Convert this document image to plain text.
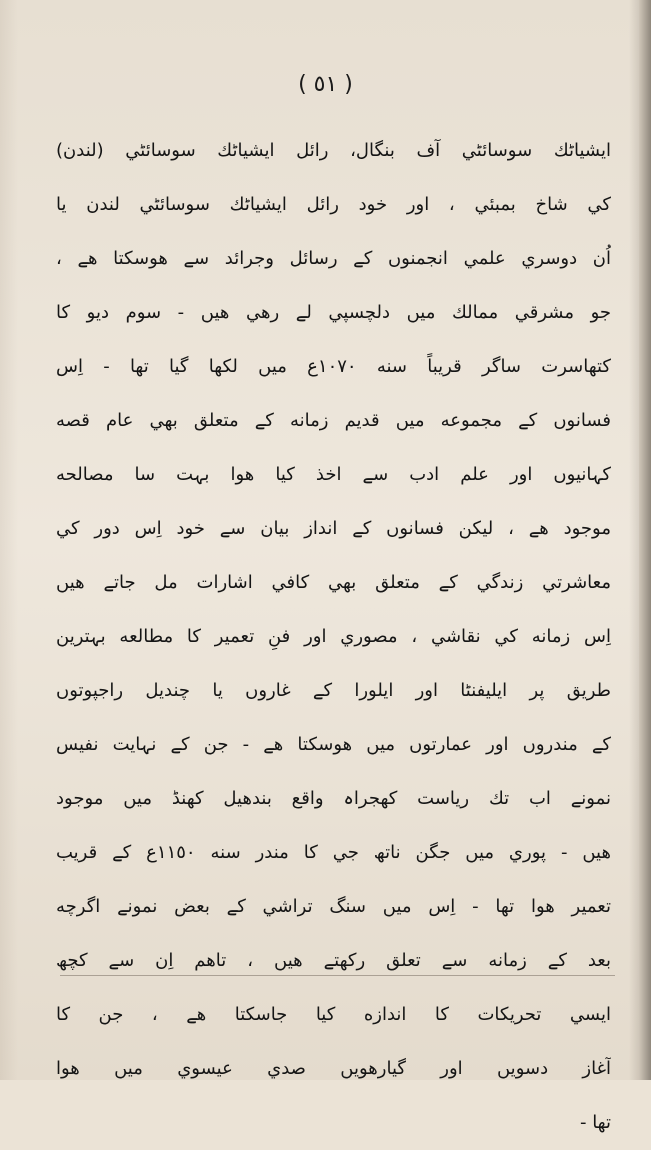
( ٥١ )
ايشياٹك سوسائٹي آف بنگال، رائل ايشياٹك سوسائٹي (لندن)
كي شاخ بمبئي ، اور خود رائل ايشياٹك سوسائٹي لندن يا
اُن دوسري علمي انجمنوں كے رسائل وجرائد سے هوسكتا هے ،
جو مشرقي ممالك ميں دلچسپي لے رهي هيں - سوم ديو كا
كتھاسرت ساگر قريباً سنه ١٠٧٠ع ميں لكھا گيا تھا - اِس
فسانوں كے مجموعه ميں قديم زمانه كے متعلق بھي عام قصه
كہانيوں اور علم ادب سے اخذ كيا هوا بہت سا مصالحه
موجود هے ، ليكن فسانوں كے انداز بيان سے خود اِس دور كي
معاشرتي زندگي كے متعلق بھي كافي اشارات مل جاتے هيں
اِس زمانه كي نقاشي ، مصوري اور فنِ تعمير كا مطالعه بہترين
طريق پر ايليفنٹا اور ايلورا كے غاروں يا چنديل راجپوتوں
كے مندروں اور عمارتوں ميں هوسكتا هے - جن كے نہايت نفيس
نمونے اب تك رياست كھجراہ واقع بندهيل كھنڈ ميں موجود
هيں - پوري ميں جگن ناتھ جي كا مندر سنه ١١٥٠ع كے قريب
تعمير هوا تھا - اِس ميں سنگ تراشي كے بعض نمونے اگرچه
بعد كے زمانه سے تعلق ركھتے هيں ، تاهم اِن سے كچھ
ايسي تحريكات كا اندازه كيا جاسكتا هے ، جن كا
آغاز دسويں اور گيارهويں صدي عيسوي ميں هوا
تھا -
